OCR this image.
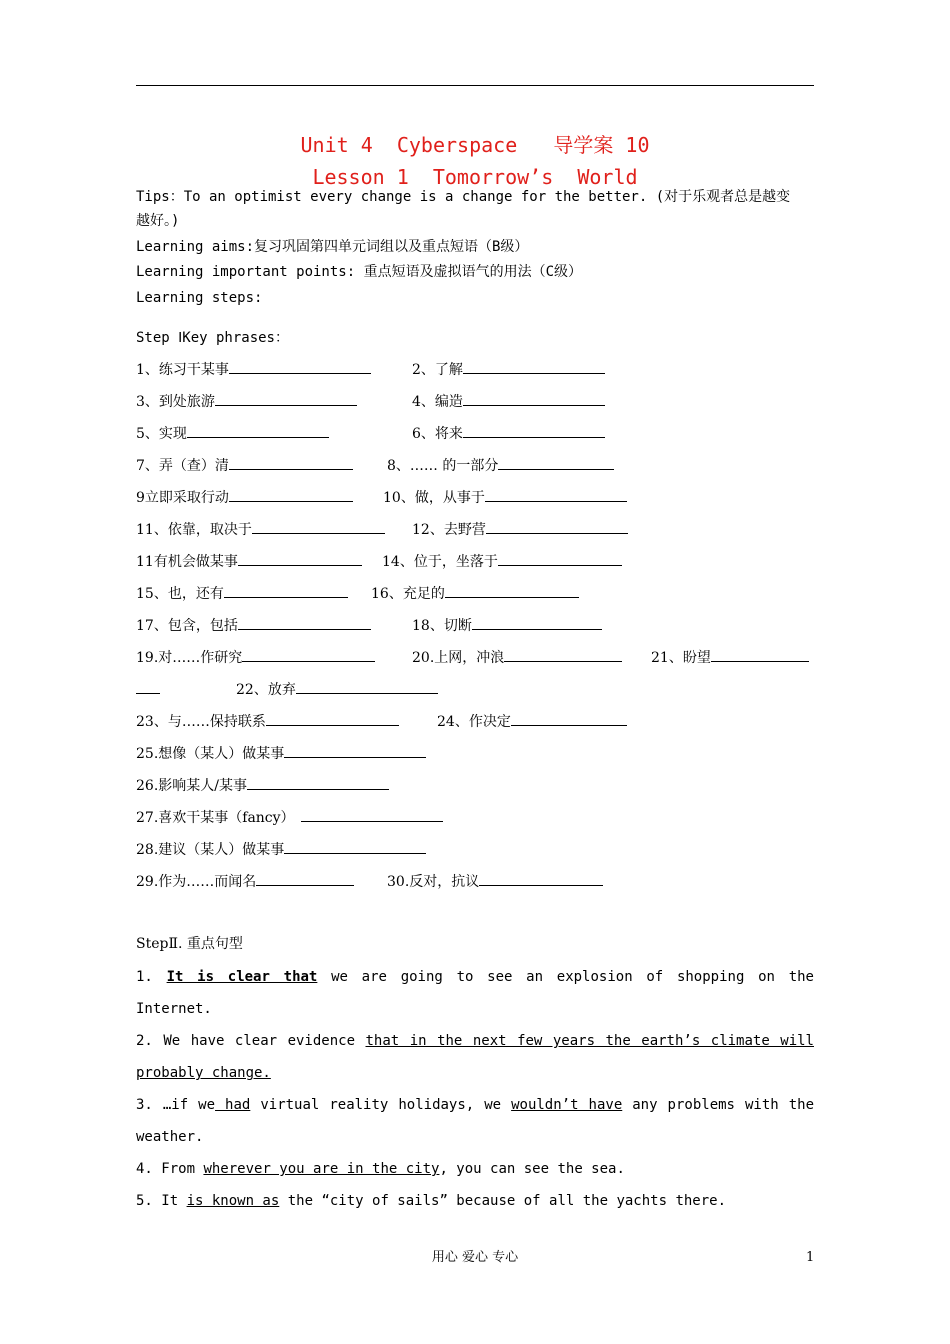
Unit 4  Cyberspace   导学案 10
Lesson 1  Tomorrow’s  World
Tips：To an optimist every change is a change for the better. (对于乐观者总是越变
越好。)
Learning aims:复习巩固第四单元词组以及重点短语（B级）
Learning important points: 重点短语及虚拟语气的用法（C级）
Learning steps:
Step ⅠKey phrases：
1、练习干某事	2、了解
3、到处旅游	4、编造
5、实现	6、将来
7、弄（查）清	8、…… 的一部分
9立即采取行动	10、做，从事于
11、依靠，取决于	12、去野营
11有机会做某事	14、位于，坐落于
15、也，还有	16、充足的
17、包含，包括	18、切断
19.对……作研究	20.上网，冲浪	21、盼望
22、放弃
23、与……保持联系	24、作决定
25.想像（某人）做某事
26.影响某人/某事
27.喜欢干某事（fancy）
28.建议（某人）做某事
29.作为……而闻名	30.反对，抗议
StepⅡ. 重点句型
1. It is clear that we are going to see an explosion of shopping on the
Internet.
2. We have clear evidence that in the next few years the earth’s climate will
probably change.
3. …if we had virtual reality holidays, we wouldn’t have any problems with the
weather.
4. From wherever you are in the city, you can see the sea.
5. It is known as the “city of sails” because of all the yachts there.
用心 爱心 专心	1
